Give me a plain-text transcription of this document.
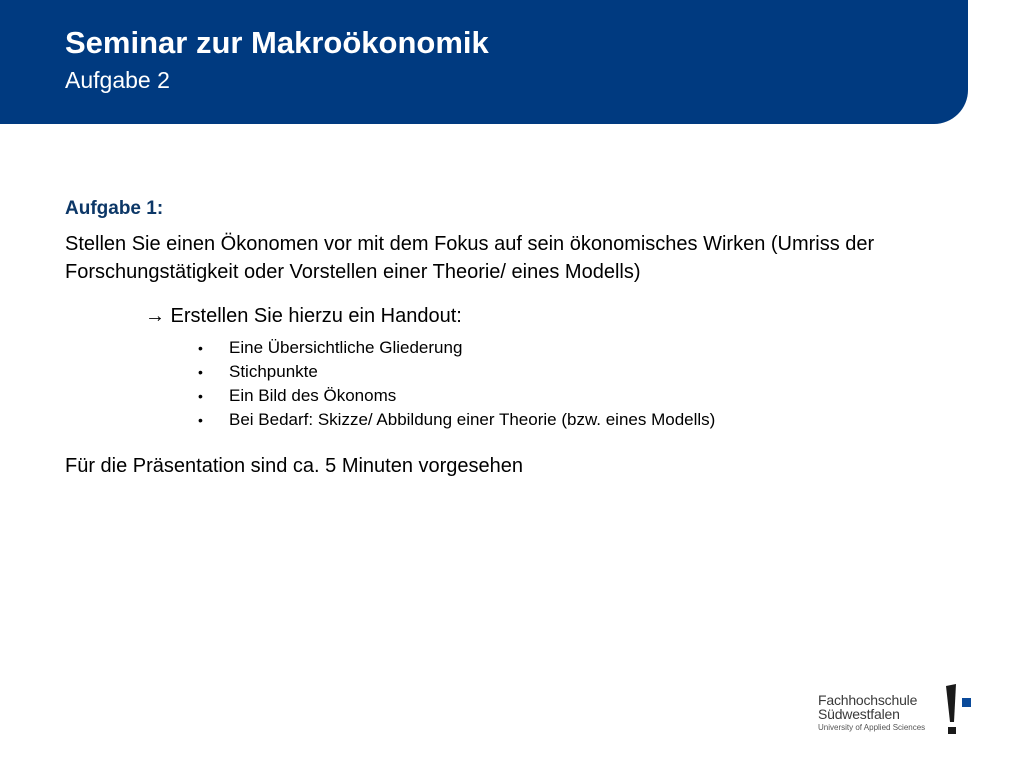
Seminar zur Makroökonomik
Aufgabe 2
Aufgabe 1:

Stellen Sie einen Ökonomen vor mit dem Fokus auf sein ökonomisches Wirken (Umriss der Forschungstätigkeit oder Vorstellen einer Theorie/ eines Modells)

→ Erstellen Sie hierzu ein Handout:

• Eine Übersichtliche Gliederung
• Stichpunkte
• Ein Bild des Ökonoms
• Bei Bedarf: Skizze/ Abbildung einer Theorie (bzw. eines Modells)

Für die Präsentation sind ca. 5 Minuten vorgesehen

Fachhochschule
Südwestfalen
University of Applied Sciences
